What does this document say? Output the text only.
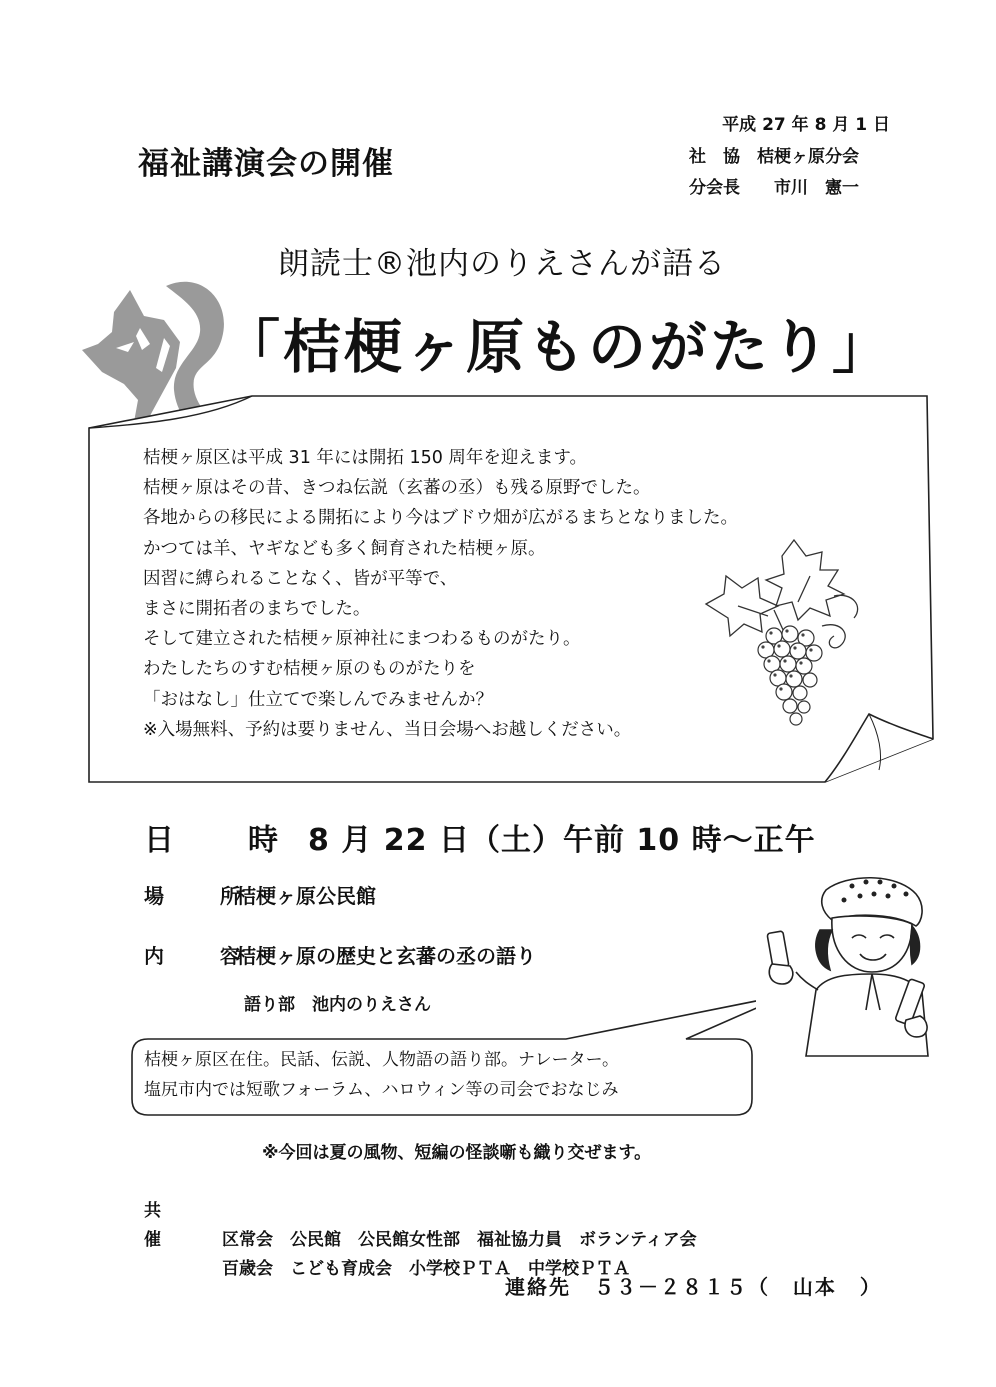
福祉講演会の開催
平成 27 年 8 月 1 日
社　協　桔梗ヶ原分会
分会長　　市川　憲一
朗読士®池内のりえさんが語る
「桔梗ヶ原ものがたり」
桔梗ヶ原区は平成 31 年には開拓 150 周年を迎えます。
桔梗ヶ原はその昔、きつね伝説（玄蕃の丞）も残る原野でした。
各地からの移民による開拓により今はブドウ畑が広がるまちとなりました。
かつては羊、ヤギなども多く飼育された桔梗ヶ原。
因習に縛られることなく、皆が平等で、
まさに開拓者のまちでした。
そして建立された桔梗ヶ原神社にまつわるものがたり。
わたしたちのすむ桔梗ヶ原のものがたりを
「おはなし」仕立てで楽しんでみませんか？
※入場無料、予約は要りません、当日会場へお越しください。
日　時 8 月 22 日（土）午前 10 時～正午
場　所桔梗ヶ原公民館
内　容桔梗ヶ原の歴史と玄蕃の丞の語り
語り部　池内のりえさん
桔梗ヶ原区在住。民話、伝説、人物語の語り部。ナレーター。
塩尻市内では短歌フォーラム、ハロウィン等の司会でおなじみ
※今回は夏の風物、短編の怪談噺も織り交ぜます。
共　催	区常会　公民館　公民館女性部　福祉協力員　ボランティア会
百歳会　こども育成会　小学校ＰＴＡ　中学校ＰＴＡ
連絡先 ５３－２８１５（ 山本 ）
